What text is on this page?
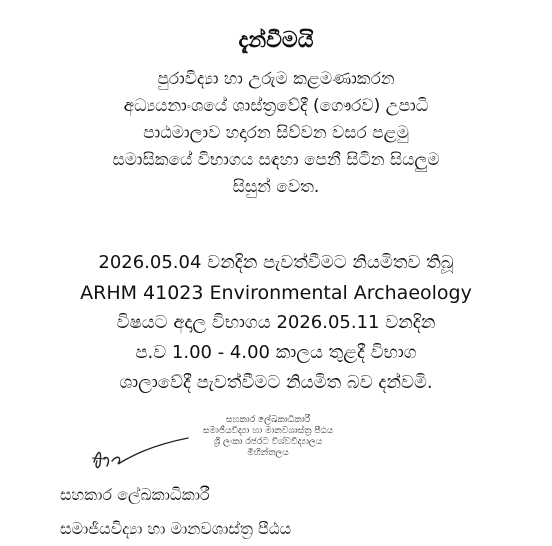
දැන්වීමයි
පුරාවිද්‍යා හා උරුම කළමණාකරන
අධ්‍යයනාංශයේ ශාස්ත්‍රවේදී (ගෞරව) උපාධි
පාඨමාලාව හදාරන සිව්වන වසර පළමු
සමාසිකයේ විභාගය සඳහා පෙනී සිටින සියලුම
සිසුන් වෙත.
2026.05.04 වනදින පැවත්වීමට නියමිතව තිබූ
ARHM 41023 Environmental Archaeology
විෂයට අදාල විභාගය 2026.05.11 වනදින
ප.ව 1.00 - 4.00 කාලය තුළදී විභාග
ශාලාවේදී පැවත්වීමට නියමිත බව දන්වමි.
සහකාර ලේඛකාධිකාරී
සමාජීයවිද්‍යා හා මානවශාස්ත්‍ර පීඨය
ශ්‍රී ලංකා රජරට විශ්වවිද්‍යාලය
මිහින්තලය
සහකාර ලේඛකාධිකාරී
සමාජීයවිද්‍යා හා මානවශාස්ත්‍ර පීඨය
